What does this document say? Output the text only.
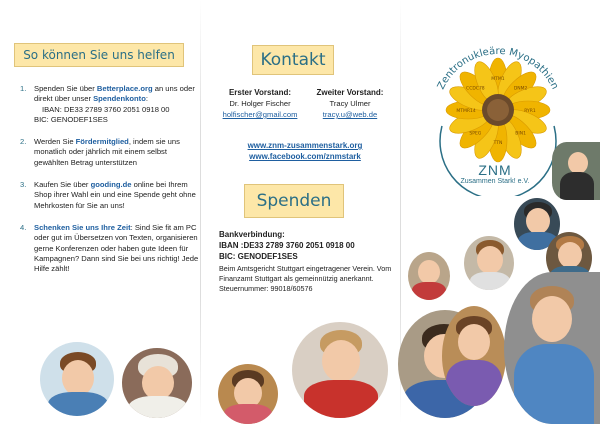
So können Sie uns helfen
1. Spenden Sie über Betterplace.org an uns oder direkt über unser Spendenkonto:
IBAN: DE33 2789 3760 2051 0918 00
BIC: GENODEF1SES
2. Werden Sie Fördermitglied, indem sie uns monatlich oder jährlich mit einem selbst gewählten Betrag unterstützen
3. Kaufen Sie über gooding.de online bei Ihrem Shop ihrer Wahl ein und eine Spende geht ohne Mehrkosten für Sie an uns!
4. Schenken Sie uns Ihre Zeit: Sind Sie fit am PC oder gut im Übersetzen von Texten, organisieren gerne Konferenzen oder haben gute Ideen für Kampagnen? Dann sind Sie bei uns richtig! Jede Hilfe zählt!
Kontakt
Erster Vorstand:
Dr. Holger Fischer
holfischer@gmail.com
Zweiter Vorstand:
Tracy Ulmer
tracy.u@web.de
www.znm-zusammenstark.org
www.facebook.com/znmstark
Spenden
Bankverbindung:
IBAN :DE33 2789 3760 2051 0918 00
BIC: GENODEF1SES
Beim Amtsgericht Stuttgart eingetragener Verein. Vom Finanzamt Stuttgart als gemeinnützig anerkannt.
Steuernummer: 99018/60576
Zentronukleäre Myopathien
MTM1
DNM2
RYR1
BIN1
TTN
SPEG
MTMR14
CCDC78
ZNM
Zusammen Stark! e.V.
